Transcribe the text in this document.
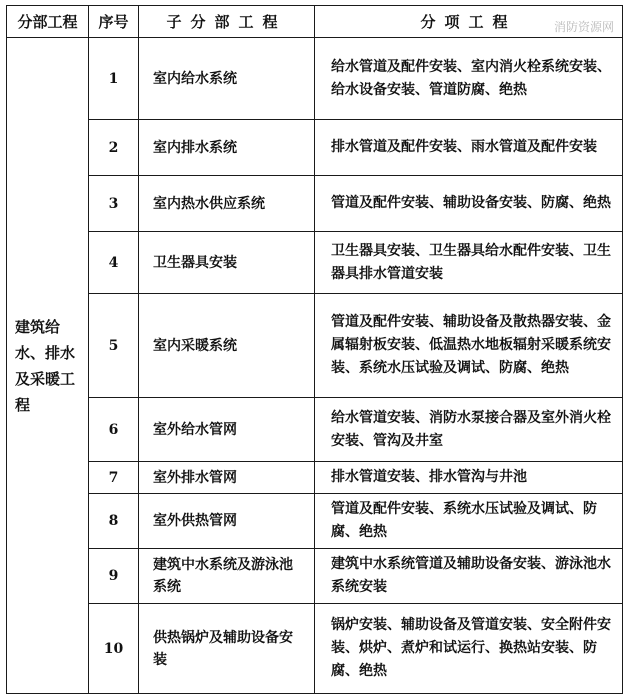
分部工程	序号	子分部工程	分项工程 消防资源网

建筑给水、排水及采暖工程	1	室内给水系统	给水管道及配件安装、室内消火栓系统安装、给水设备安装、管道防腐、绝热
	2	室内排水系统	排水管道及配件安装、雨水管道及配件安装
	3	室内热水供应系统	管道及配件安装、辅助设备安装、防腐、绝热
	4	卫生器具安装	卫生器具安装、卫生器具给水配件安装、卫生器具排水管道安装
	5	室内采暖系统	管道及配件安装、辅助设备及散热器安装、金属辐射板安装、低温热水地板辐射采暖系统安装、系统水压试验及调试、防腐、绝热
	6	室外给水管网	给水管道安装、消防水泵接合器及室外消火栓安装、管沟及井室
	7	室外排水管网	排水管道安装、排水管沟与井池
	8	室外供热管网	管道及配件安装、系统水压试验及调试、防腐、绝热
	9	建筑中水系统及游泳池系统	建筑中水系统管道及辅助设备安装、游泳池水系统安装
	10	供热锅炉及辅助设备安装	锅炉安装、辅助设备及管道安装、安全附件安装、烘炉、煮炉和试运行、换热站安装、防腐、绝热
